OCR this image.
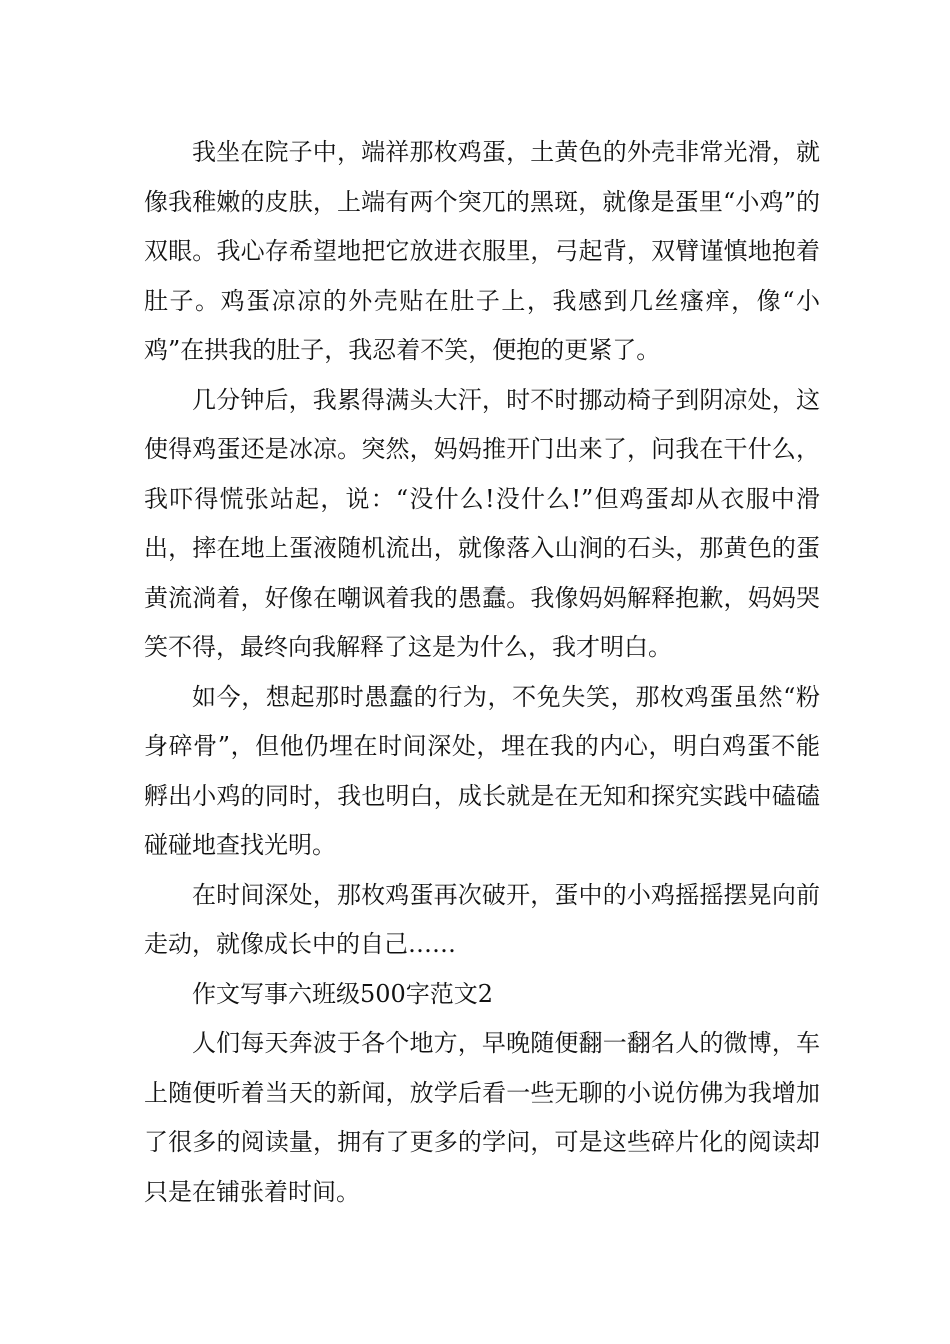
我坐在院子中，端祥那枚鸡蛋，土黄色的外壳非常光滑，就像我稚嫩的皮肤，上端有两个突兀的黑斑，就像是蛋里“小鸡”的双眼。我心存希望地把它放进衣服里，弓起背，双臂谨慎地抱着肚子。鸡蛋凉凉的外壳贴在肚子上，我感到几丝瘙痒，像“小鸡”在拱我的肚子，我忍着不笑，便抱的更紧了。

几分钟后，我累得满头大汗，时不时挪动椅子到阴凉处，这使得鸡蛋还是冰凉。突然，妈妈推开门出来了，问我在干什么，我吓得慌张站起，说：“没什么!没什么!”但鸡蛋却从衣服中滑出，摔在地上蛋液随机流出，就像落入山涧的石头，那黄色的蛋黄流淌着，好像在嘲讽着我的愚蠢。我像妈妈解释抱歉，妈妈哭笑不得，最终向我解释了这是为什么，我才明白。

如今，想起那时愚蠢的行为，不免失笑，那枚鸡蛋虽然“粉身碎骨”，但他仍埋在时间深处，埋在我的内心，明白鸡蛋不能孵出小鸡的同时，我也明白，成长就是在无知和探究实践中磕磕碰碰地查找光明。

在时间深处，那枚鸡蛋再次破开，蛋中的小鸡摇摇摆晃向前走动，就像成长中的自己……

作文写事六班级500字范文2

人们每天奔波于各个地方，早晚随便翻一翻名人的微博，车上随便听着当天的新闻，放学后看一些无聊的小说仿佛为我增加了很多的阅读量，拥有了更多的学问，可是这些碎片化的阅读却只是在铺张着时间。
